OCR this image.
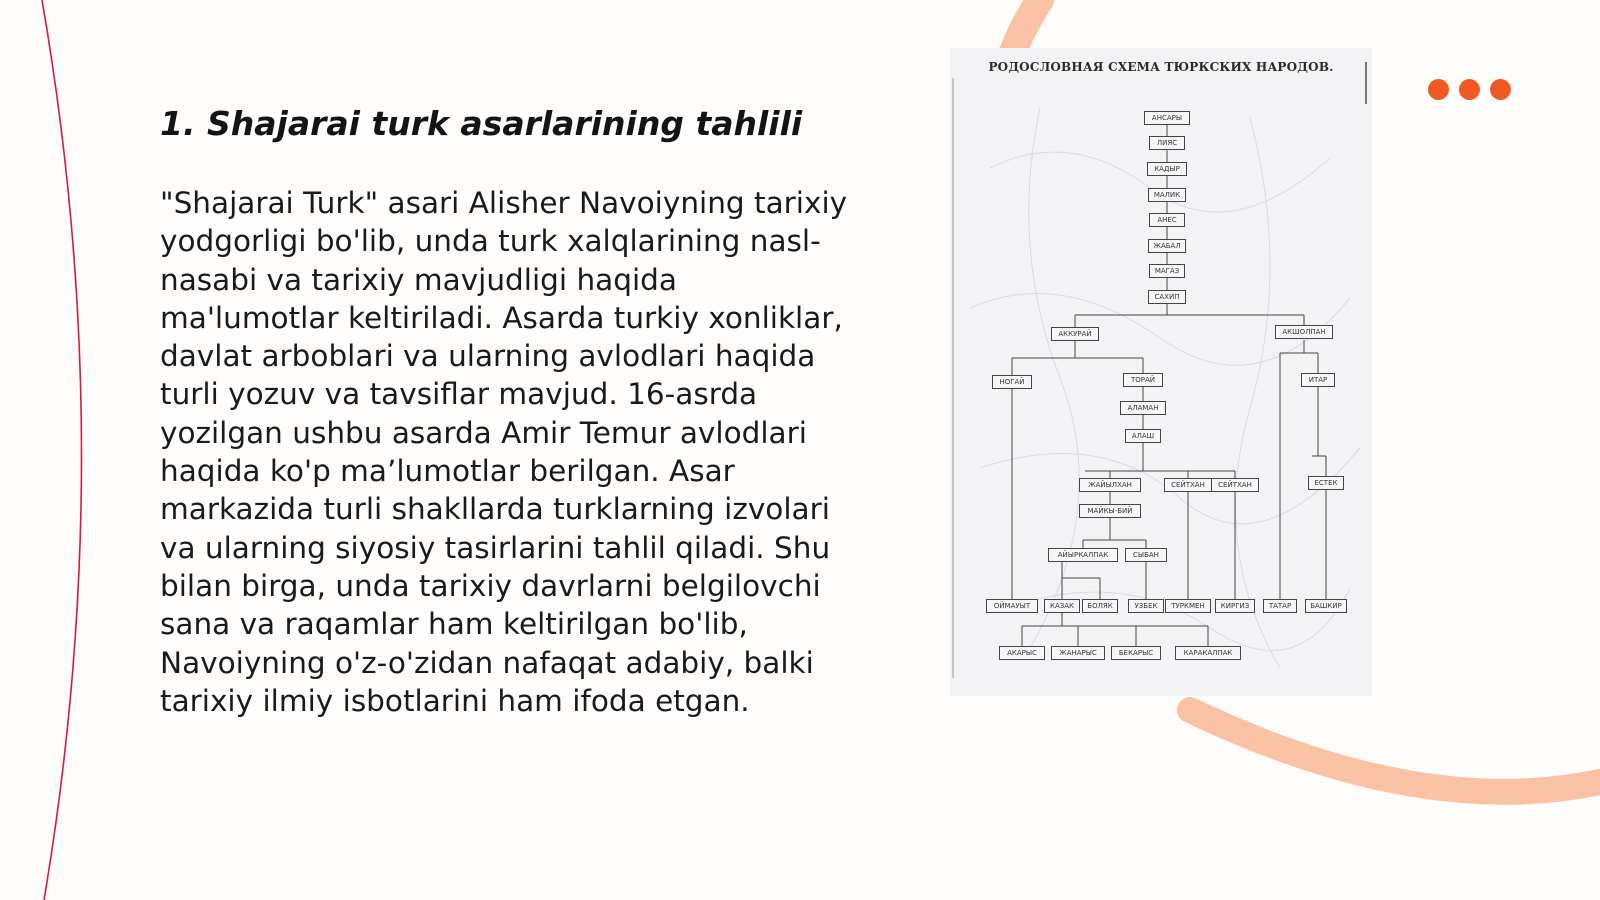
1. Shajarai turk asarlarining tahlili

"Shajarai Turk" asari Alisher Navoiyning tarixiy yodgorligi bo'lib, unda turk xalqlarining nasl-nasabi va tarixiy mavjudligi haqida ma'lumotlar keltiriladi. Asarda turkiy xonliklar, davlat arboblari va ularning avlodlari haqida turli yozuv va tavsiflar mavjud. 16-asrda yozilgan ushbu asarda Amir Temur avlodlari haqida ko'p ma’lumotlar berilgan. Asar markazida turli shakllarda turklarning izvolari va ularning siyosiy tasirlarini tahlil qiladi. Shu bilan birga, unda tarixiy davrlarni belgilovchi sana va raqamlar ham keltirilgan bo'lib, Navoiyning o'z-o'zidan nafaqat adabiy, balki tarixiy ilmiy isbotlarini ham ifoda etgan.

РОДОСЛОВНАЯ СХЕМА ТЮРКСКИХ НАРОДОВ.
АНСАРЫ
ЛИЯС
КАДЫР
МАЛИК
АНЕС
ЖАБАЛ
МАГАЗ
САХИП
АККУРАЙ	АКШОЛПАН
НОГАЙ	ТОРАЙ
АЛАМАН
АЛАШ
ИТАР
ЖАЙЫЛХАН
МАЙКЫ-БИЙ
СЕЙТХАН	СЕЙТХАН	ЕСТЕК
АЙЫРКАЛПАК	СЫБАН
ОЙМАУЫТ	КАЗАК	БОЛЯК	УЗБЕК	ТУРКМЕН	КИРГИЗ	ТАТАР	БАШКИР
АКАРЫС	ЖАНАРЫС	БЕКАРЫС	КАРАКАЛПАК
